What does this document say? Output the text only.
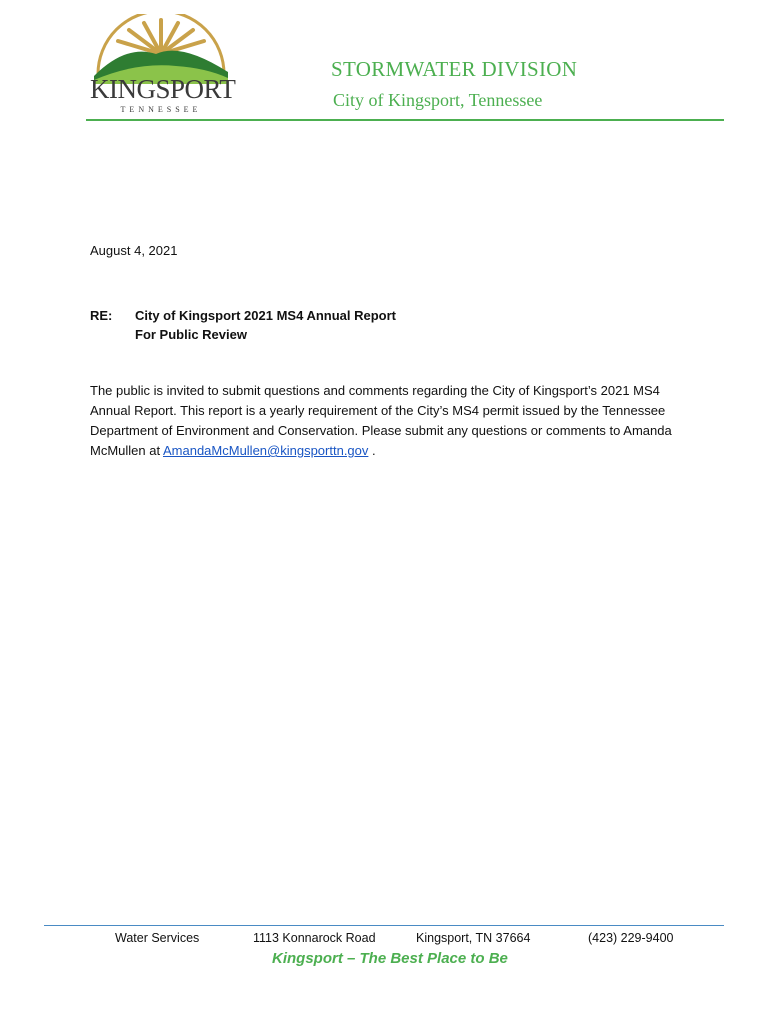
KINGSPORT
TENNESSEE
STORMWATER DIVISION
City of Kingsport, Tennessee
August 4, 2021
RE: City of Kingsport 2021 MS4 Annual Report
For Public Review
The public is invited to submit questions and comments regarding the City of Kingsport’s 2021 MS4 Annual Report. This report is a yearly requirement of the City’s MS4 permit issued by the Tennessee Department of Environment and Conservation. Please submit any questions or comments to Amanda McMullen at AmandaMcMullen@kingsporttn.gov .
Water Services	1113 Konnarock Road	Kingsport, TN 37664	(423) 229-9400
Kingsport – The Best Place to Be
